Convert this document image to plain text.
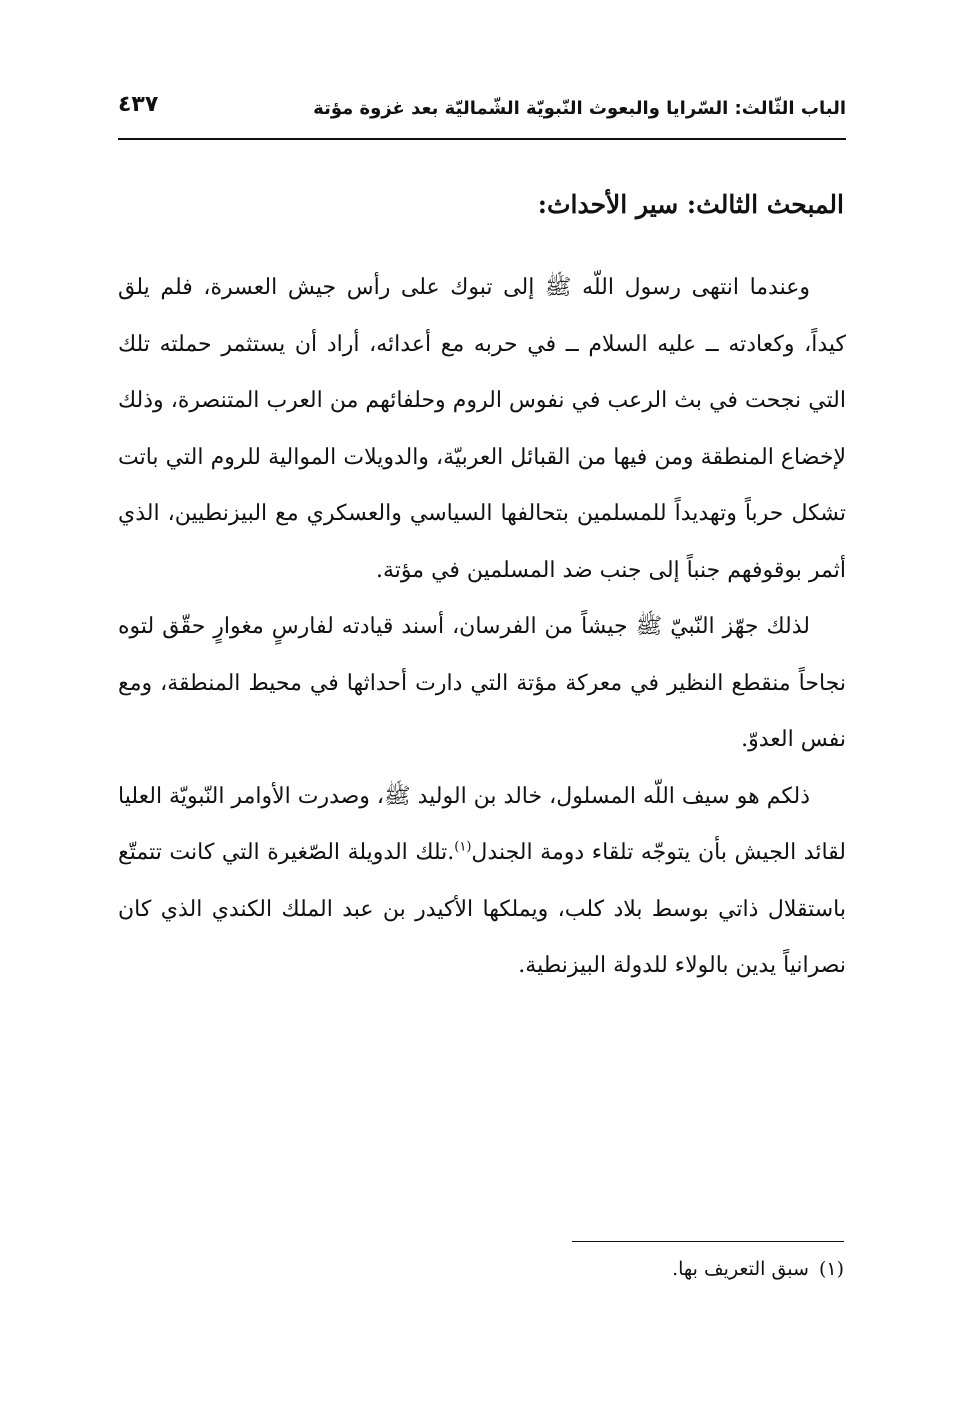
الباب الثّالث: السّرايا والبعوث النّبويّة الشّماليّة بعد غزوة مؤتة
٤٣٧
المبحث الثالث: سير الأحداث:

وعندما انتهى رسول اللّه ﷺ إلى تبوك على رأس جيش العسرة، فلم يلق كيداً، وكعادته ــ عليه السلام ــ في حربه مع أعدائه، أراد أن يستثمر حملته تلك التي نجحت في بث الرعب في نفوس الروم وحلفائهم من العرب المتنصرة، وذلك لإخضاع المنطقة ومن فيها من القبائل العربيّة، والدويلات الموالية للروم التي باتت تشكل حرباً وتهديداً للمسلمين بتحالفها السياسي والعسكري مع البيزنطيين، الذي أثمر بوقوفهم جنباً إلى جنب ضد المسلمين في مؤتة.

لذلك جهّز النّبيّ ﷺ جيشاً من الفرسان، أسند قيادته لفارسٍ مغوارٍ حقّق لتوه نجاحاً منقطع النظير في معركة مؤتة التي دارت أحداثها في محيط المنطقة، ومع نفس العدوّ.

ذلكم هو سيف اللّه المسلول، خالد بن الوليد ﷺ، وصدرت الأوامر النّبويّة العليا لقائد الجيش بأن يتوجّه تلقاء دومة الجندل$^{(١)}$.تلك الدويلة الصّغيرة التي كانت تتمتّع باستقلال ذاتي بوسط بلاد كلب، ويملكها الأكيدر بن عبد الملك الكندي الذي كان نصرانياً يدين بالولاء للدولة البيزنطية.

(١)سبق التعريف بها.
